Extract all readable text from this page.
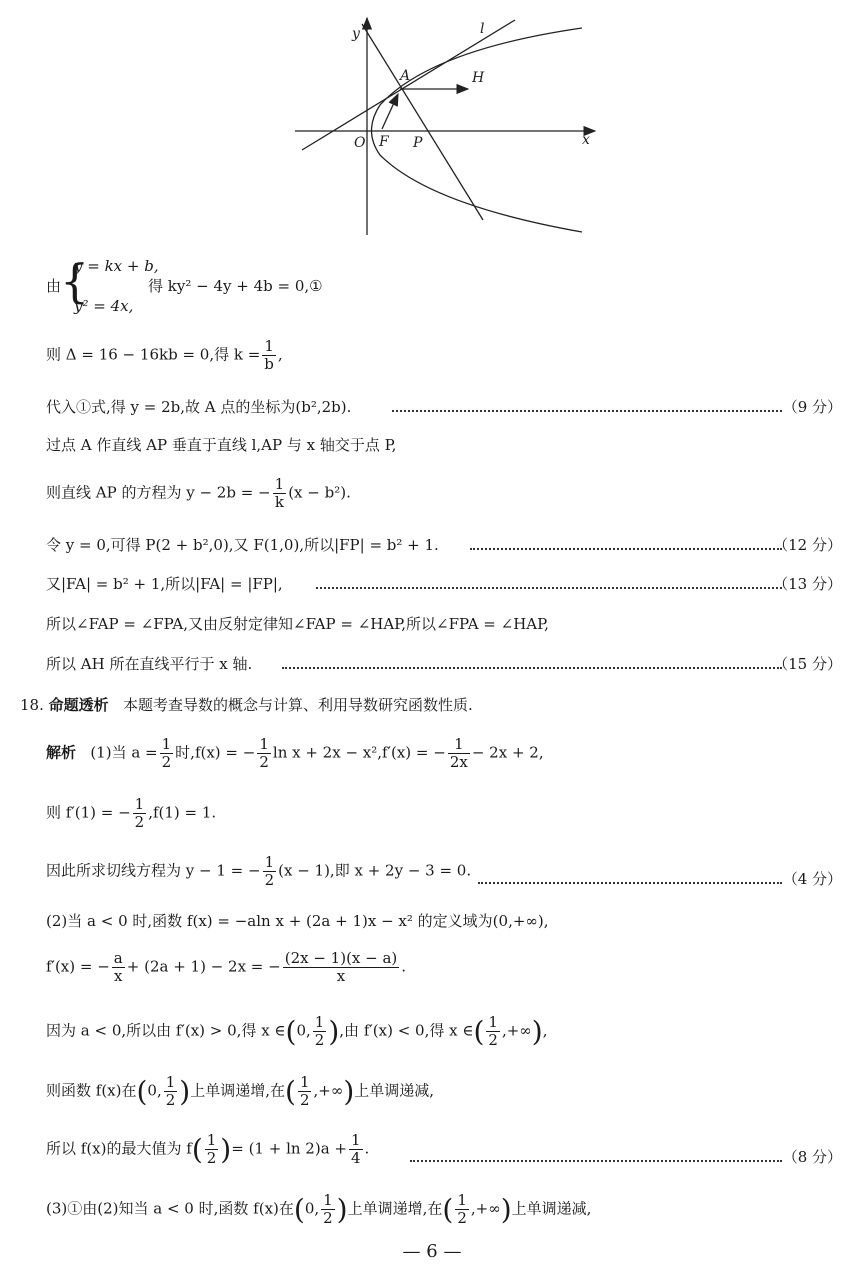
y
x
l
A	H
O F P
由
{
y = kx + b,
y² = 4x,
得 ky² − 4y + 4b = 0,①
则 Δ = 16 − 16kb = 0,得 $k = \frac{1}{b}$ ,
代入①式,得 y = 2b,故 A 点的坐标为(b²,2b).	（9 分）
过点 A 作直线 AP 垂直于直线 l,AP 与 x 轴交于点 P,
则直线 AP 的方程为 y − 2b = − $\frac{1}{k} (x - b^2)$.
令 y = 0,可得 P(2 + b²,0),又 F(1,0),所以|FP| = b² + 1.	（12 分）
又|FA| = b² + 1,所以|FA| = |FP|,	（13 分）
所以∠FAP = ∠FPA,又由反射定律知∠FAP = ∠HAP,所以∠FPA = ∠HAP,
所以 AH 所在直线平行于 x 轴.	（15 分）
18. 命题透析 本题考查导数的概念与计算、利用导数研究函数性质.
解析 (1)当 $a = \frac{1}{2}$ 时,f(x) = − $\frac{1}{2}$ ln x + 2x − x²,f′(x) = − $\frac{1}{2x} - 2x + 2$,
则 f′(1) = − $\frac{1}{2} ,f(1) = 1$.
因此所求切线方程为 y − 1 = − $\frac{1}{2} (x - 1)$,即 x + 2y − 3 = 0.	（4 分）
(2)当 a < 0 时,函数 f(x) = −aln x + (2a + 1)x − x² 的定义域为(0,+∞),
f′(x) = − $\frac{a}{x} + (2a + 1) - 2x$ = − $\frac{(2x - 1)(x - a)}{x}$ .
因为 a < 0,所以由 f′(x) > 0,得 x ∈(0, $\frac{1}{2}$ ),由 f′(x) < 0,得 x ∈( $\frac{1}{2}$ ,+∞),
则函数 f(x)在(0, $\frac{1}{2}$ )上单调递增,在( $\frac{1}{2}$ ,+∞)上单调递减,
所以 f(x)的最大值为 $f( \frac{1}{2}$ )= $(1 + \ln 2)a + \frac{1}{4}$ .	（8 分）
(3)①由(2)知当 a < 0 时,函数 f(x)在(0, $\frac{1}{2}$ )上单调递增,在( $\frac{1}{2}$ ,+∞)上单调递减,
— 6 —
